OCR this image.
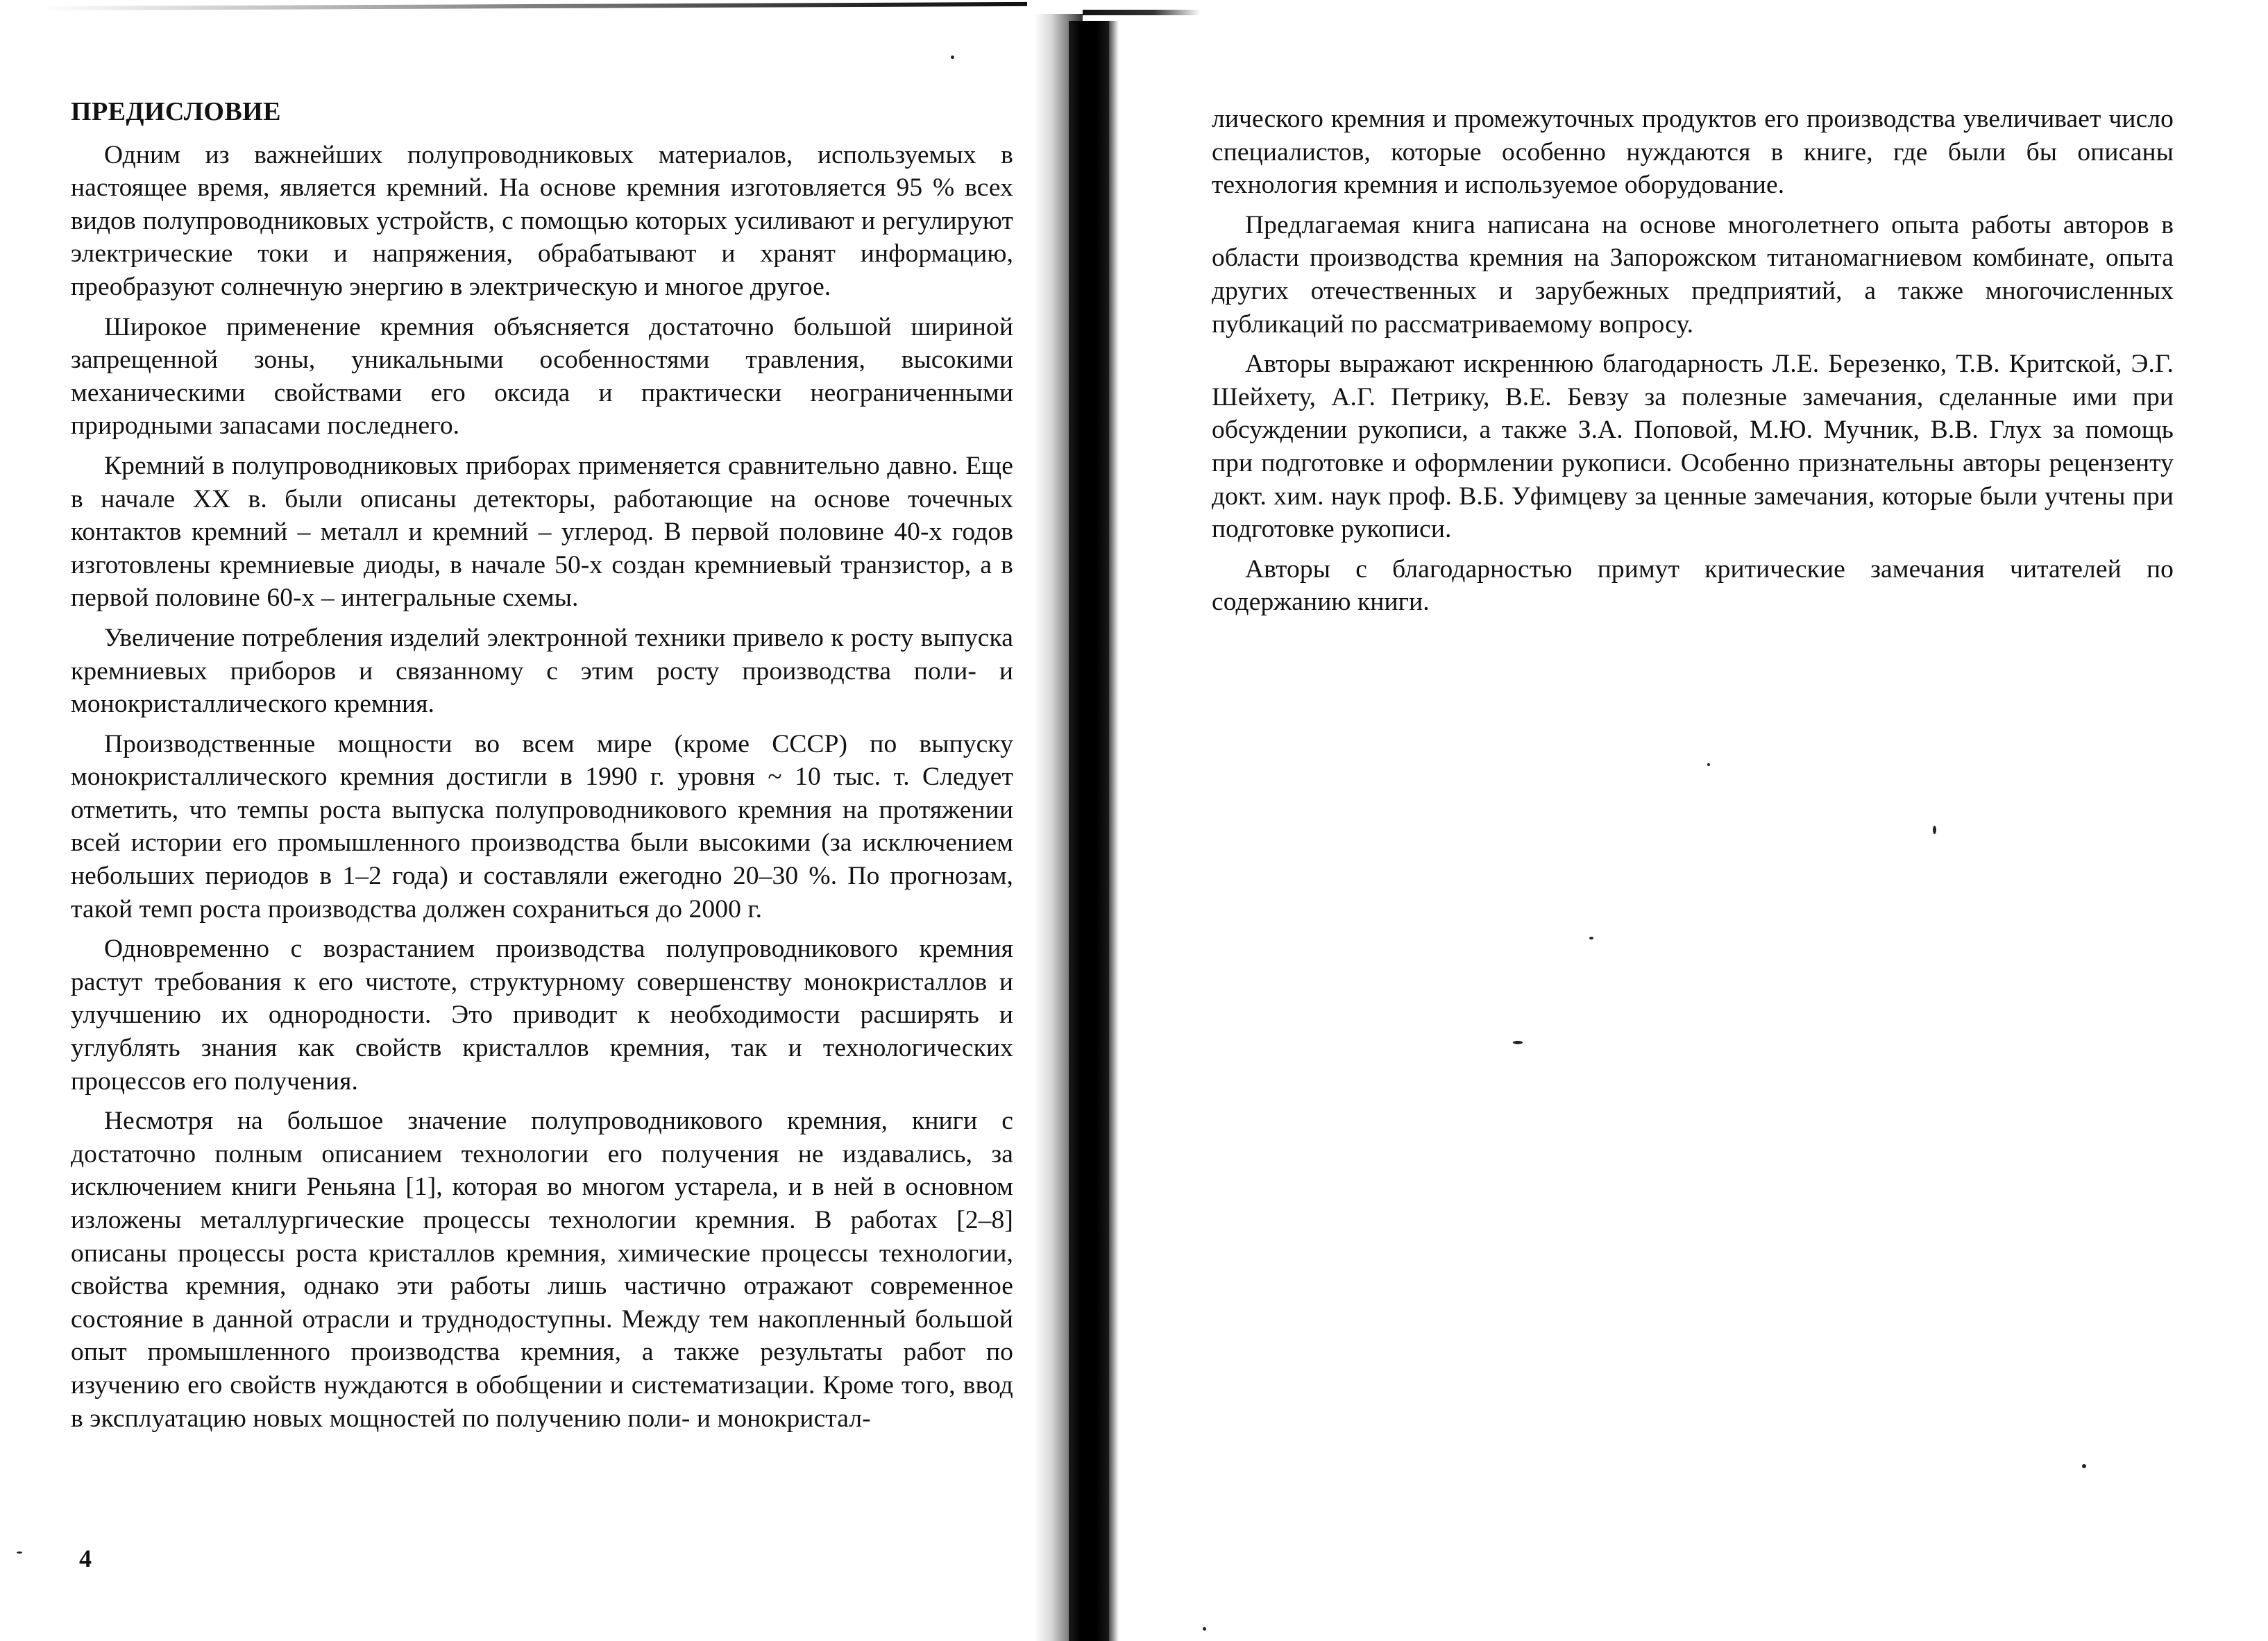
ПРЕДИСЛОВИЕ

Одним из важнейших полупроводниковых материалов, используемых в настоящее время, является кремний. На основе кремния изготовляется 95 % всех видов полупроводниковых устройств, с помощью которых усиливают и регулируют электрические токи и напряжения, обрабатывают и хранят информацию, преобразуют солнечную энергию в электрическую и многое другое.

Широкое применение кремния объясняется достаточно большой шириной запрещенной зоны, уникальными особенностями травления, высокими механическими свойствами его оксида и практически неограниченными природными запасами последнего.

Кремний в полупроводниковых приборах применяется сравнительно давно. Еще в начале XX в. были описаны детекторы, работающие на основе точечных контактов кремний – металл и кремний – углерод. В первой половине 40-х годов изготовлены кремниевые диоды, в начале 50-х создан кремниевый транзистор, а в первой половине 60-х – интегральные схемы.

Увеличение потребления изделий электронной техники привело к росту выпуска кремниевых приборов и связанному с этим росту производства поли- и монокристаллического кремния.

Производственные мощности во всем мире (кроме СССР) по выпуску монокристаллического кремния достигли в 1990 г. уровня ~ 10 тыс. т. Следует отметить, что темпы роста выпуска полупроводникового кремния на протяжении всей истории его промышленного производства были высокими (за исключением небольших периодов в 1–2 года) и составляли ежегодно 20–30 %. По прогнозам, такой темп роста производства должен сохраниться до 2000 г.

Одновременно с возрастанием производства полупроводникового кремния растут требования к его чистоте, структурному совершенству монокристаллов и улучшению их однородности. Это приводит к необходимости расширять и углублять знания как свойств кристаллов кремния, так и технологических процессов его получения.

Несмотря на большое значение полупроводникового кремния, книги с достаточно полным описанием технологии его получения не издавались, за исключением книги Реньяна [1], которая во многом устарела, и в ней в основном изложены металлургические процессы технологии кремния. В работах [2–8] описаны процессы роста кристаллов кремния, химические процессы технологии, свойства кремния, однако эти работы лишь частично отражают современное состояние в данной отрасли и труднодоступны. Между тем накопленный большой опыт промышленного производства кремния, а также результаты работ по изучению его свойств нуждаются в обобщении и систематизации. Кроме того, ввод в эксплуатацию новых мощностей по получению поли- и монокристал-

4

лического кремния и промежуточных продуктов его производства увеличивает число специалистов, которые особенно нуждаются в книге, где были бы описаны технология кремния и используемое оборудование.

Предлагаемая книга написана на основе многолетнего опыта работы авторов в области производства кремния на Запорожском титаномагниевом комбинате, опыта других отечественных и зарубежных предприятий, а также многочисленных публикаций по рассматриваемому вопросу.

Авторы выражают искреннюю благодарность Л.Е. Березенко, Т.В. Критской, Э.Г. Шейхету, А.Г. Петрику, В.Е. Бевзу за полезные замечания, сделанные ими при обсуждении рукописи, а также З.А. Поповой, М.Ю. Мучник, В.В. Глух за помощь при подготовке и оформлении рукописи. Особенно признательны авторы рецензенту докт. хим. наук проф. В.Б. Уфимцеву за ценные замечания, которые были учтены при подготовке рукописи.

Авторы с благодарностью примут критические замечания читателей по содержанию книги.
